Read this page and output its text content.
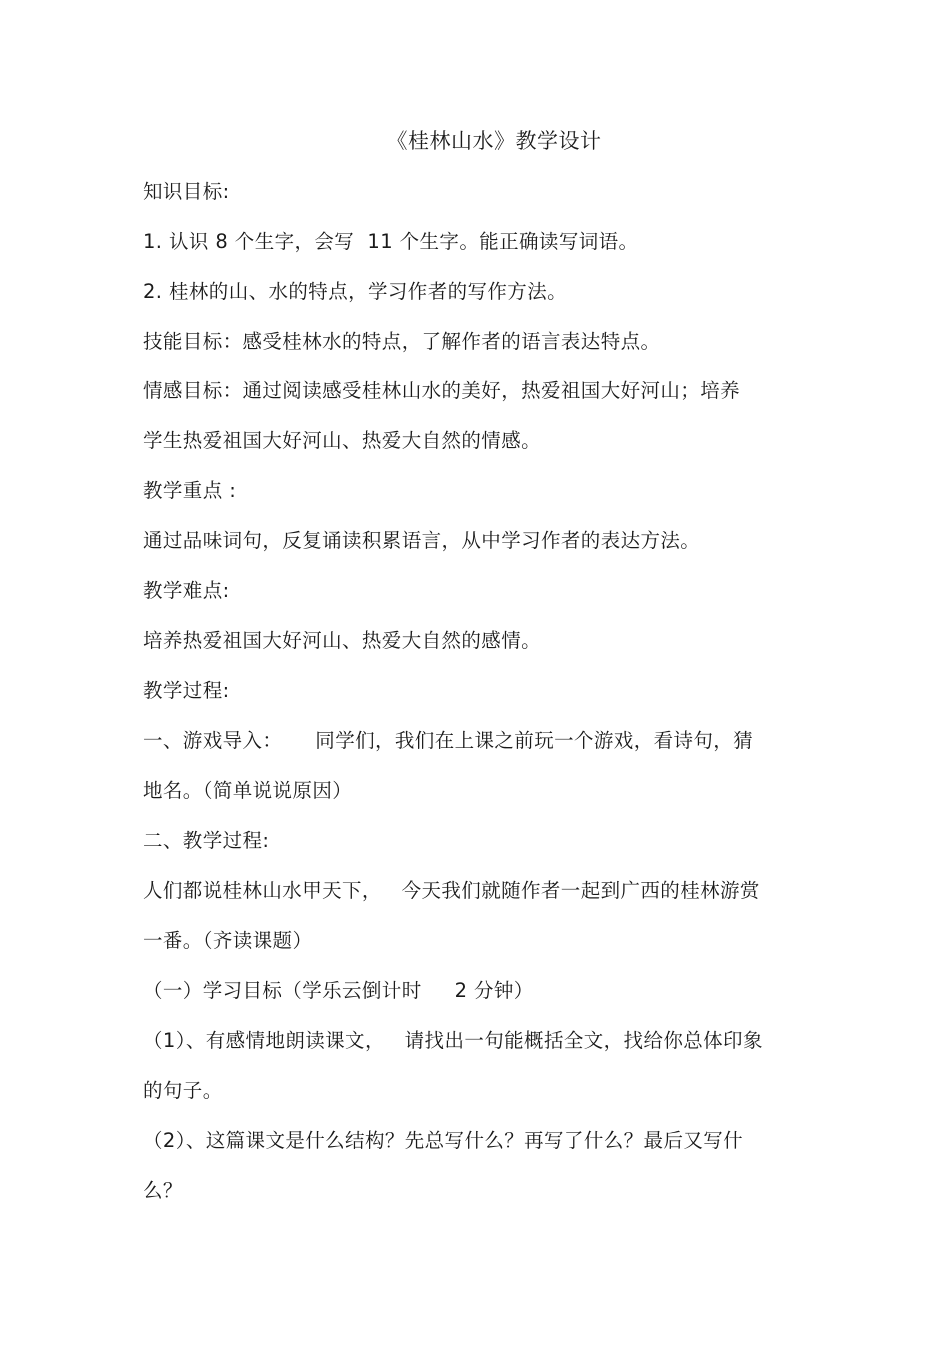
《桂林山水》教学设计
知识目标:
1. 认识 8 个生字，会写  11 个生字。能正确读写词语。
2. 桂林的山、水的特点，学习作者的写作方法。
技能目标：感受桂林水的特点，了解作者的语言表达特点。
情感目标：通过阅读感受桂林山水的美好，热爱祖国大好河山；培养
学生热爱祖国大好河山、热爱大自然的情感。
教学重点 :
通过品味词句，反复诵读积累语言，从中学习作者的表达方法。
教学难点:
培养热爱祖国大好河山、热爱大自然的感情。
教学过程:
一、游戏导入：     同学们，我们在上课之前玩一个游戏，看诗句，猜
地名。（简单说说原因）
二、教学过程:
人们都说桂林山水甲天下，   今天我们就随作者一起到广西的桂林游赏
一番。（齐读课题）
（一）学习目标（学乐云倒计时     2 分钟）
（1）、有感情地朗读课文，   请找出一句能概括全文，找给你总体印象
的句子。
（2）、这篇课文是什么结构？先总写什么？再写了什么？最后又写什
么？
